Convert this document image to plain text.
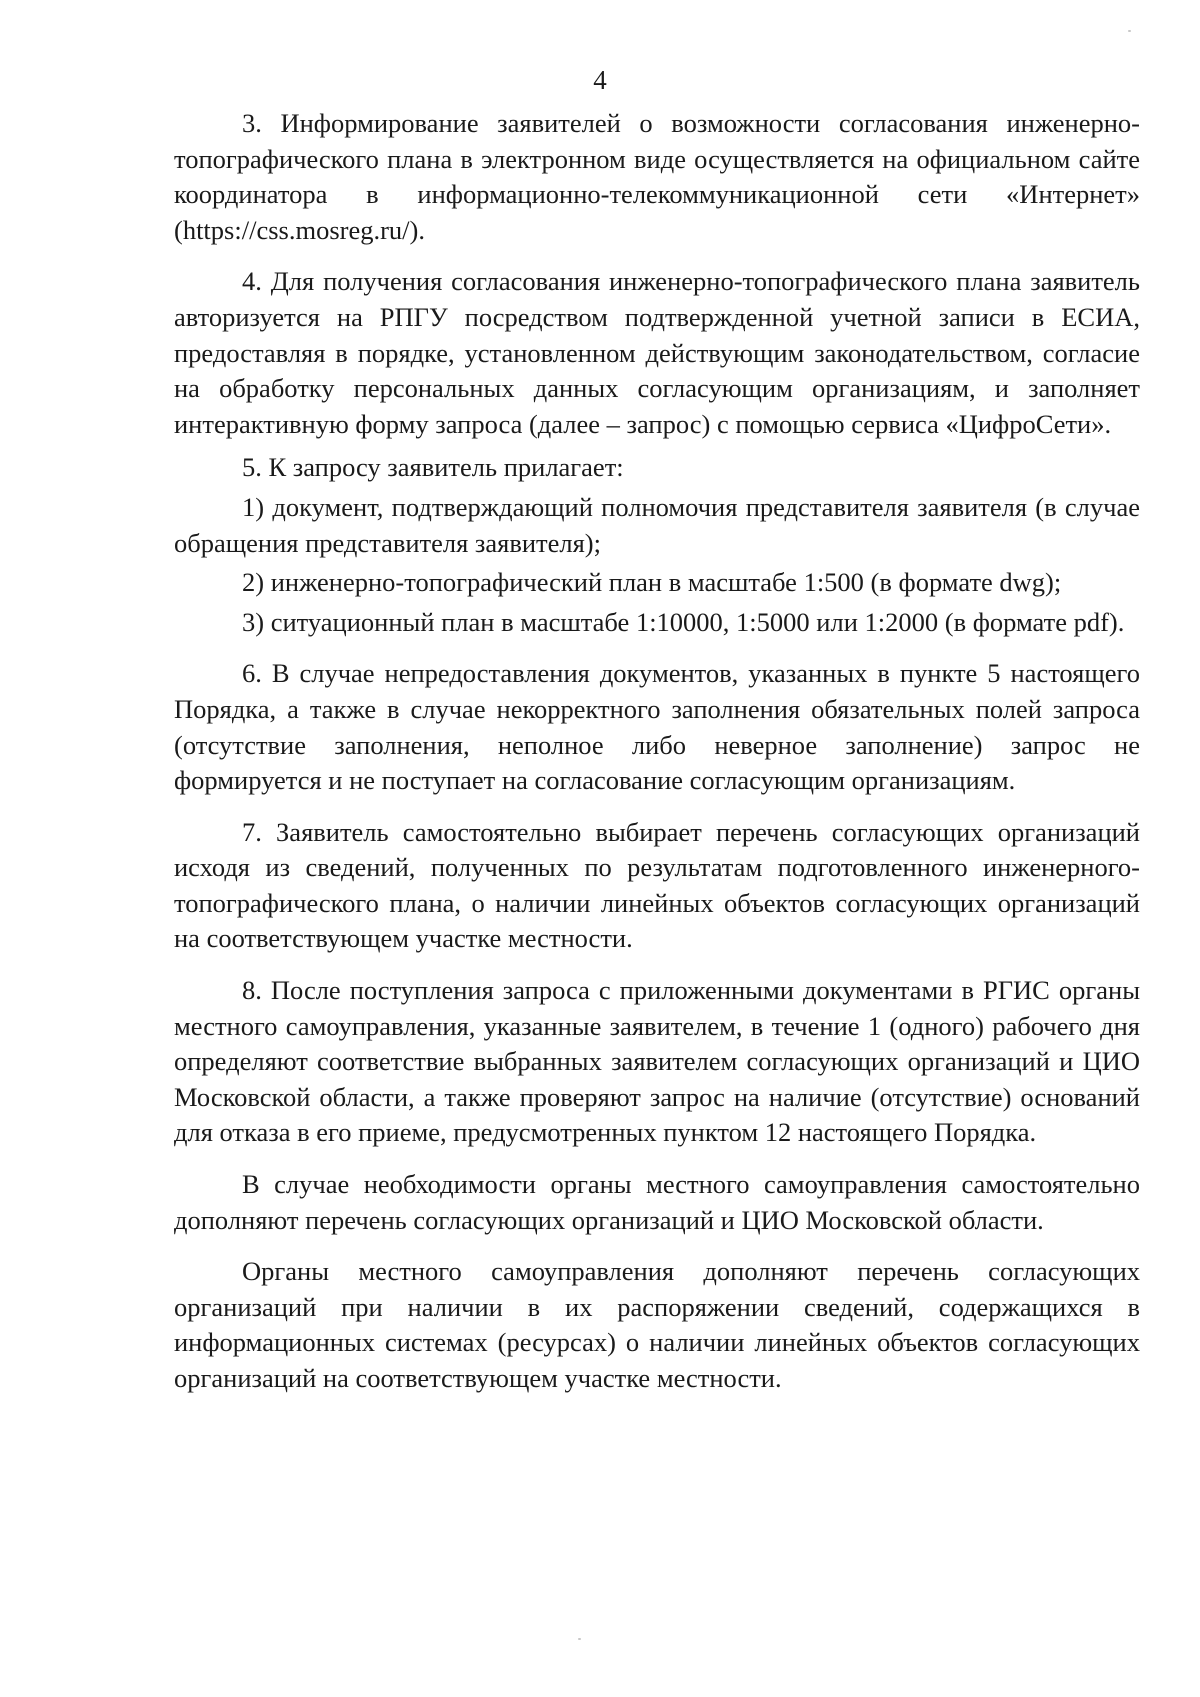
4

3. Информирование заявителей о возможности согласования инженерно-топографического плана в электронном виде осуществляется на официальном сайте координатора в информационно-телекоммуникационной сети «Интернет» (https://css.mosreg.ru/).

4. Для получения согласования инженерно-топографического плана заявитель авторизуется на РПГУ посредством подтвержденной учетной записи в ЕСИА, предоставляя в порядке, установленном действующим законодательством, согласие на обработку персональных данных согласующим организациям, и заполняет интерактивную форму запроса (далее – запрос) с помощью сервиса «ЦифроСети».

5. К запросу заявитель прилагает:

1) документ, подтверждающий полномочия представителя заявителя (в случае обращения представителя заявителя);

2) инженерно-топографический план в масштабе 1:500 (в формате dwg);

3) ситуационный план в масштабе 1:10000, 1:5000 или 1:2000 (в формате pdf).

6. В случае непредоставления документов, указанных в пункте 5 настоящего Порядка, а также в случае некорректного заполнения обязательных полей запроса (отсутствие заполнения, неполное либо неверное заполнение) запрос не формируется и не поступает на согласование согласующим организациям.

7. Заявитель самостоятельно выбирает перечень согласующих организаций исходя из сведений, полученных по результатам подготовленного инженерного-топографического плана, о наличии линейных объектов согласующих организаций на соответствующем участке местности.

8. После поступления запроса с приложенными документами в РГИС органы местного самоуправления, указанные заявителем, в течение 1 (одного) рабочего дня определяют соответствие выбранных заявителем согласующих организаций и ЦИО Московской области, а также проверяют запрос на наличие (отсутствие) оснований для отказа в его приеме, предусмотренных пунктом 12 настоящего Порядка.

В случае необходимости органы местного самоуправления самостоятельно дополняют перечень согласующих организаций и ЦИО Московской области.

Органы местного самоуправления дополняют перечень согласующих организаций при наличии в их распоряжении сведений, содержащихся в информационных системах (ресурсах) о наличии линейных объектов согласующих организаций на соответствующем участке местности.
